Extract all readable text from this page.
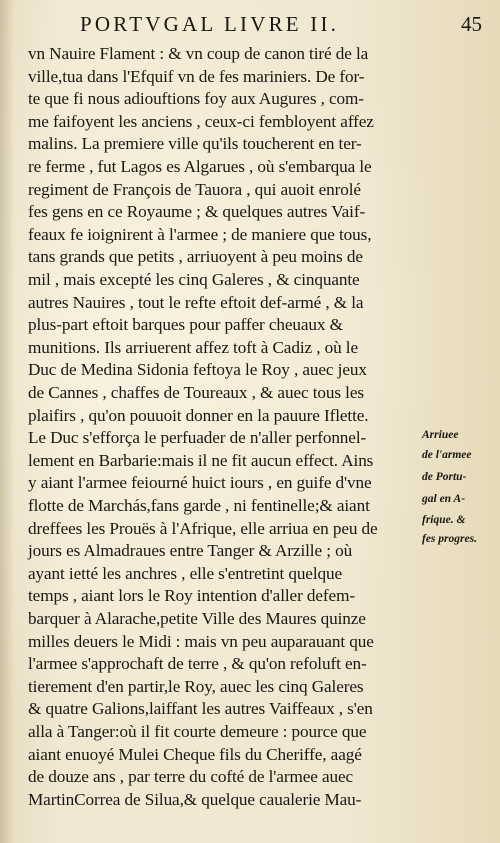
PORTVGAL LIVRE II.	45
vn Nauire Flament : & vn coup de canon tiré de la
ville,tua dans l'Efquif vn de fes mariniers. De for-
te que fi nous adiouftions foy aux Augures , com-
me faifoyent les anciens , ceux-ci fembloyent affez
malins. La premiere ville qu'ils toucherent en ter-
re ferme , fut Lagos es Algarues , où s'embarqua le
regiment de François de Tauora , qui auoit enrolé
fes gens en ce Royaume ; & quelques autres Vaif-
feaux fe ioignirent à l'armee ; de maniere que tous,
tans grands que petits , arriuoyent à peu moins de
mil , mais excepté les cinq Galeres , & cinquante
autres Nauires , tout le refte eftoit def-armé , & la
plus-part eftoit barques pour paffer cheuaux &
munitions. Ils arriuerent affez toft à Cadiz , où le
Duc de Medina Sidonia feftoya le Roy , auec jeux
de Cannes , chaffes de Toureaux , & auec tous les
plaifirs , qu'on pouuoit donner en la pauure Iflette.
Le Duc s'efforça le perfuader de n'aller perfonnel-
lement en Barbarie:mais il ne fit aucun effect. Ains
y aiant l'armee feiourné huict iours , en guife d'vne
flotte de Marchás,fans garde , ni fentinelle;& aiant
dreffees les Prouës à l'Afrique, elle arriua en peu de
jours es Almadraues entre Tanger & Arzille ; où
ayant ietté les anchres , elle s'entretint quelque
temps , aiant lors le Roy intention d'aller defem-
barquer à Alarache,petite Ville des Maures quinze
milles deuers le Midi : mais vn peu auparauant que
l'armee s'approchaft de terre , & qu'on refoluft en-
tierement d'en partir,le Roy, auec les cinq Galeres
& quatre Galions,laiffant les autres Vaiffeaux , s'en
alla à Tanger:où il fit courte demeure : pource que
aiant enuoyé Mulei Cheque fils du Cheriffe, aagé
de douze ans , par terre du cofté de l'armee auec
MartinCorrea de Silua,& quelque caualerie Mau-
Arriuee
de l'armee
de Portu-
gal en A-
frique. &
fes progres.
